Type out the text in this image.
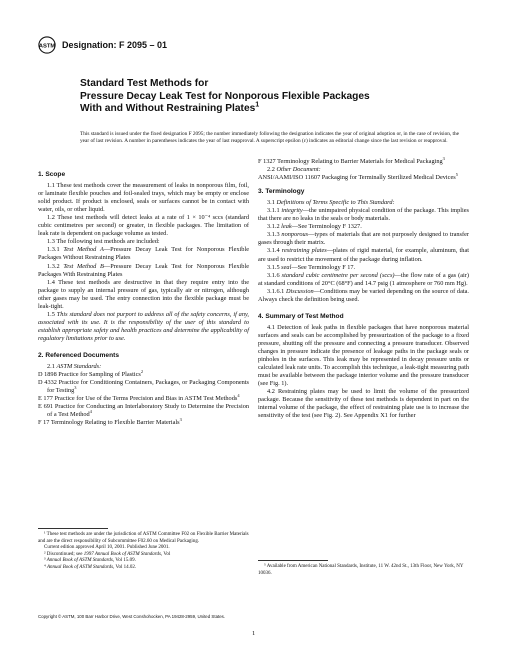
ASTM Designation: F 2095 – 01
Standard Test Methods for
Pressure Decay Leak Test for Nonporous Flexible Packages
With and Without Restraining Plates$^1$
This standard is issued under the fixed designation F 2095; the number immediately following the designation indicates the year of original adoption or, in the case of revision, the year of last revision. A number in parentheses indicates the year of last reapproval. A superscript epsilon (ε) indicates an editorial change since the last revision or reapproval.
1. Scope

1.1 These test methods cover the measurement of leaks in nonporous film, foil, or laminate flexible pouches and foil-sealed trays, which may be empty or enclose solid product. If product is enclosed, seals or surfaces cannot be in contact with water, oils, or other liquid.

1.2 These test methods will detect leaks at a rate of 1 × 10⁻⁴ sccs (standard cubic centimetres per second) or greater, in flexible packages. The limitation of leak rate is dependent on package volume as tested.

1.3 The following test methods are included:

1.3.1 Test Method A—Pressure Decay Leak Test for Nonporous Flexible Packages Without Restraining Plates

1.3.2 Test Method B—Pressure Decay Leak Test for Nonporous Flexible Packages With Restraining Plates

1.4 These test methods are destructive in that they require entry into the package to supply an internal pressure of gas, typically air or nitrogen, although other gases may be used. The entry connection into the flexible package must be leak-tight.

1.5 This standard does not purport to address all of the safety concerns, if any, associated with its use. It is the responsibility of the user of this standard to establish appropriate safety and health practices and determine the applicability of regulatory limitations prior to use.

2. Referenced Documents

2.1 ASTM Standards:

D 1898 Practice for Sampling of Plastics$^2$

D 4332 Practice for Conditioning Containers, Packages, or Packaging Components for Testing$^3$

E 177 Practice for Use of the Terms Precision and Bias in ASTM Test Methods$^4$

E 691 Practice for Conducting an Interlaboratory Study to Determine the Precision of a Test Method$^4$

F 17 Terminology Relating to Flexible Barrier Materials$^3$

¹ These test methods are under the jurisdiction of ASTM Committee F02 on Flexible Barrier Materials and are the direct responsibility of Subcommittee F02.60 on Medical Packaging.

Current edition approved April 10, 2001. Published June 2001.

² Discontinued; see 1997 Annual Book of ASTM Standards, Vol

³ Annual Book of ASTM Standards, Vol 15.09.

⁴ Annual Book of ASTM Standards, Vol 14.02.

F 1327 Terminology Relating to Barrier Materials for Medical Packaging$^3$

2.2 Other Document:

ANSI/AAMI/ISO 11607 Packaging for Terminally Sterilized Medical Devices$^5$

3. Terminology

3.1 Definitions of Terms Specific to This Standard:

3.1.1 integrity—the unimpaired physical condition of the package. This implies that there are no leaks in the seals or body materials.

3.1.2 leak—See Terminology F 1327.

3.1.3 nonporous—types of materials that are not purposely designed to transfer gases through their matrix.

3.1.4 restraining plates—plates of rigid material, for example, aluminum, that are used to restrict the movement of the package during inflation.

3.1.5 seal—See Terminology F 17.

3.1.6 standard cubic centimetre per second (sccs)—the flow rate of a gas (air) at standard conditions of 20°C (68°F) and 14.7 psig (1 atmosphere or 760 mm Hg).

3.1.6.1 Discussion—Conditions may be varied depending on the source of data. Always check the definition being used.

4. Summary of Test Method

4.1 Detection of leak paths in flexible packages that have nonporous material surfaces and seals can be accomplished by pressurization of the package to a fixed pressure, shutting off the pressure and connecting a pressure transducer. Observed changes in pressure indicate the presence of leakage paths in the package seals or pinholes in the surfaces. This leak may be represented in decay pressure units or calculated leak rate units. To accomplish this technique, a leak-tight measuring path must be available between the package interior volume and the pressure transducer (see Fig. 1).

4.2 Restraining plates may be used to limit the volume of the pressurized package. Because the sensitivity of these test methods is dependent in part on the internal volume of the package, the effect of restraining plate use is to increase the sensitivity of the test (see Fig. 2). See Appendix X1 for further

⁵ Available from American National Standards, Institute, 11 W. 42nd St., 13th Floor, New York, NY 10036.

Copyright © ASTM, 100 Barr Harbor Drive, West Conshohocken, PA 19428-2959, United States.
1
